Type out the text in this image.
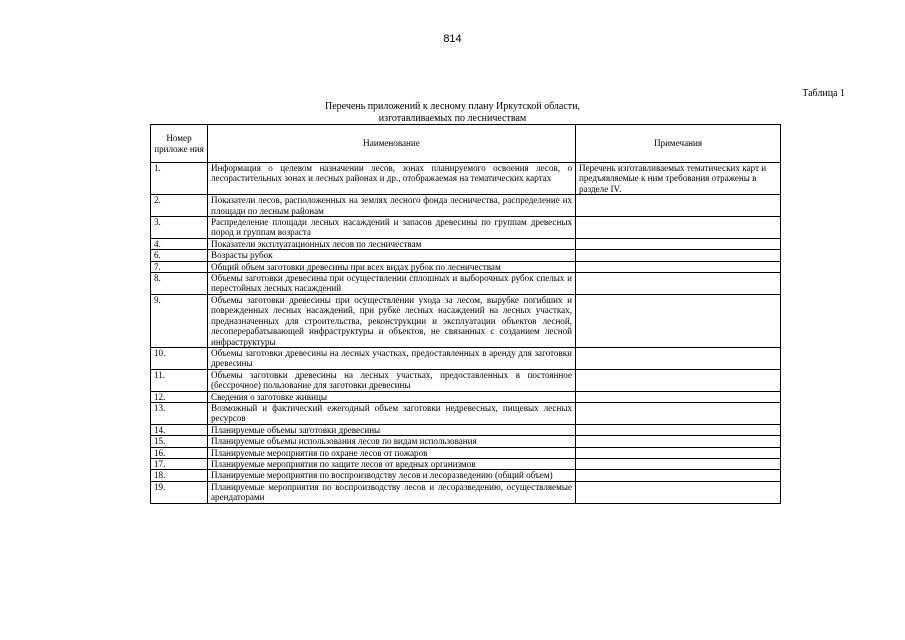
814
Таблица 1
Перечень приложений к лесному плану Иркутской области,
изготавливаемых по лесничествам
Номер приложе ния	Наименование	Примечания
1.	Информация о целевом назначении лесов, зонах планируемого освоения лесов, о лесорастительных зонах и лесных районах и др., отображаемая на тематических картах	Перечень изготавливаемых тематических карт и предъявляемые к ним требования отражены в разделе IV.
2.	Показатели лесов, расположенных на землях лесного фонда лесничества, распределение их площади по лесным районам	
3.	Распределение площади лесных насаждений и запасов древесины по группам древесных пород и группам возраста	
4.	Показатели эксплуатационных лесов по лесничествам	
6.	Возрасты рубок	
7.	Общий объем заготовки древесины при всех видах рубок по лесничествам	
8.	Объемы заготовки древесины при осуществлении сплошных и выборочных рубок спелых и перестойных лесных насаждений	
9.	Объемы заготовки древесины при осуществлении ухода за лесом, вырубке погибших и поврежденных лесных насаждений, при рубке лесных насаждений на лесных участках, предназначенных для строительства, реконструкции и эксплуатации объектов лесной, лесоперерабатывающей инфраструктуры и объектов, не связанных с созданием лесной инфраструктуры	
10.	Объемы заготовки древесины на лесных участках, предоставленных в аренду для заготовки древесины	
11.	Объемы заготовки древесины на лесных участках, предоставленных в постоянное (бессрочное) пользование для заготовки древесины	
12.	Сведения о заготовке живицы	
13.	Возможный и фактический ежегодный объем заготовки недревесных, пищевых лесных ресурсов	
14.	Планируемые объемы заготовки древесины	
15.	Планируемые объемы использования лесов по видам использования	
16.	Планируемые мероприятия по охране лесов от пожаров	
17.	Планируемые мероприятия по защите лесов от вредных организмов	
18.	Планируемые мероприятия по воспроизводству лесов и лесоразведению (общий объем)	
19.	Планируемые мероприятия по воспроизводству лесов и лесоразведению, осуществляемые арендаторами	
